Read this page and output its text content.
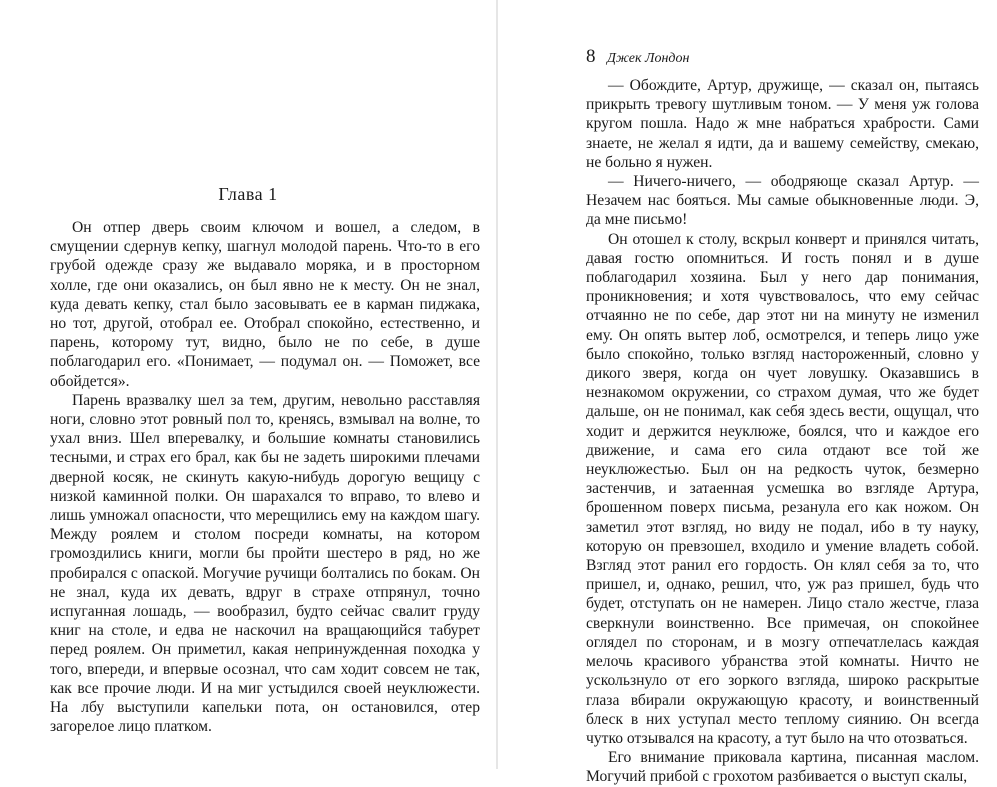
Глава 1

Он отпер дверь своим ключом и вошел, а следом, в смущении сдернув кепку, шагнул молодой парень. Что-то в его грубой одежде сразу же выдавало моряка, и в просторном холле, где они оказались, он был явно не к месту. Он не знал, куда девать кепку, стал было засовывать ее в карман пиджака, но тот, другой, отобрал ее. Отобрал спокойно, естественно, и парень, которому тут, видно, было не по себе, в душе поблагодарил его. «Понимает, — подумал он. — Поможет, все обойдется».

Парень вразвалку шел за тем, другим, невольно расставляя ноги, словно этот ровный пол то, кренясь, взмывал на волне, то ухал вниз. Шел вперевалку, и большие комнаты становились тесными, и страх его брал, как бы не задеть широкими плечами дверной косяк, не скинуть какую-нибудь дорогую вещицу с низкой каминной полки. Он шарахался то вправо, то влево и лишь умножал опасности, что мерещились ему на каждом шагу. Между роялем и столом посреди комнаты, на котором громоздились книги, могли бы пройти шестеро в ряд, но же пробирался с опаской. Могучие ручищи болтались по бокам. Он не знал, куда их девать, вдруг в страхе отпрянул, точно испуганная лошадь, — вообразил, будто сейчас свалит груду книг на столе, и едва не наскочил на вращающийся табурет перед роялем. Он приметил, какая непринужденная походка у того, впереди, и впервые осознал, что сам ходит совсем не так, как все прочие люди. И на миг устыдился своей неуклюжести. На лбу выступили капельки пота, он остановился, отер загорелое лицо платком.

8 Джек Лондон

— Обождите, Артур, дружище, — сказал он, пытаясь прикрыть тревогу шутливым тоном. — У меня уж голова кругом пошла. Надо ж мне набраться храбрости. Сами знаете, не желал я идти, да и вашему семейству, смекаю, не больно я нужен.

— Ничего-ничего, — ободряюще сказал Артур. — Незачем нас бояться. Мы самые обыкновенные люди. Э, да мне письмо!

Он отошел к столу, вскрыл конверт и принялся читать, давая гостю опомниться. И гость понял и в душе поблагодарил хозяина. Был у него дар понимания, проникновения; и хотя чувствовалось, что ему сейчас отчаянно не по себе, дар этот ни на минуту не изменил ему. Он опять вытер лоб, осмотрелся, и теперь лицо уже было спокойно, только взгляд настороженный, словно у дикого зверя, когда он чует ловушку. Оказавшись в незнакомом окружении, со страхом думая, что же будет дальше, он не понимал, как себя здесь вести, ощущал, что ходит и держится неуклюже, боялся, что и каждое его движение, и сама его сила отдают все той же неуклюжестью. Был он на редкость чуток, безмерно застенчив, и затаенная усмешка во взгляде Артура, брошенном поверх письма, резанула его как ножом. Он заметил этот взгляд, но виду не подал, ибо в ту науку, которую он превзошел, входило и умение владеть собой. Взгляд этот ранил его гордость. Он клял себя за то, что пришел, и, однако, решил, что, уж раз пришел, будь что будет, отступать он не намерен. Лицо стало жестче, глаза сверкнули воинственно. Все примечая, он спокойнее оглядел по сторонам, и в мозгу отпечатлелась каждая мелочь красивого убранства этой комнаты. Ничто не ускользнуло от его зоркого взгляда, широко раскрытые глаза вбирали окружающую красоту, и воинственный блеск в них уступал место теплому сиянию. Он всегда чутко отзывался на красоту, а тут было на что отозваться.

Его внимание приковала картина, писанная маслом. Могучий прибой с грохотом разбивается о выступ скалы,
